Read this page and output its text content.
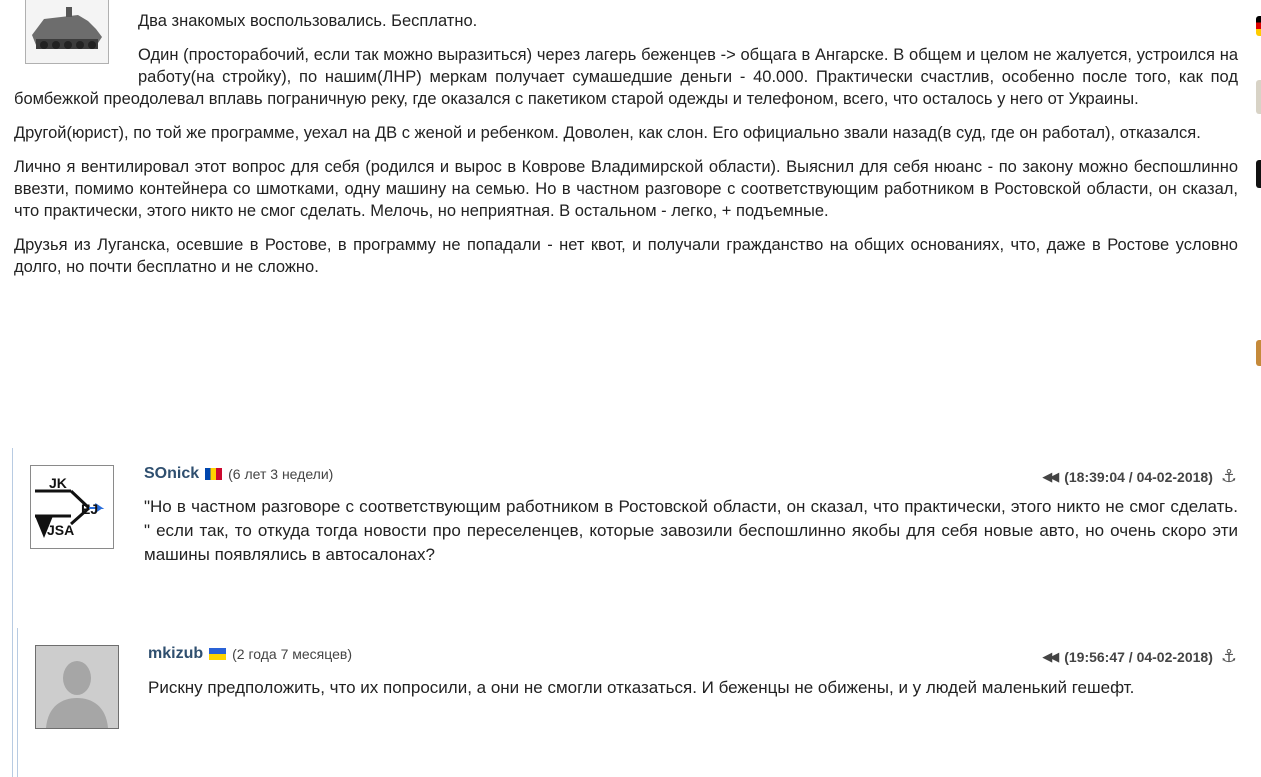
Два знакомых воспользовались. Бесплатно.

Один (просторабочий, если так можно выразиться) через лагерь беженцев -> общага в Ангарске. В общем и целом не жалуется, устроился на работу(на стройку), по нашим(ЛНР) меркам получает сумашедшие деньги - 40.000. Практически счастлив, особенно после того, как под бомбежкой преодолевал вплавь пограничную реку, где оказался с пакетиком старой одежды и телефоном, всего, что осталось у него от Украины.

Другой(юрист), по той же программе, уехал на ДВ с женой и ребенком. Доволен, как слон. Его официально звали назад(в суд, где он работал), отказался.

Лично я вентилировал этот вопрос для себя (родился и вырос в Коврове Владимирской области). Выяснил для себя нюанс - по закону можно беспошлинно ввезти, помимо контейнера со шмотками, одну машину на семью. Но в частном разговоре с соответствующим работником в Ростовской области, он сказал, что практически, этого никто не смог сделать. Мелочь, но неприятная. В остальном - легко, + подъемные.

Друзья из Луганска, осевшие в Ростове, в программу не попадали - нет квот, и получали гражданство на общих основаниях, что, даже в Ростове условно долго, но почти бесплатно и не сложно.

JK
EJ
JSA
SOnick (6 лет 3 недели)	◀◀ (18:39:04 / 04-02-2018) ⚓
"Но в частном разговоре с соответствующим работником в Ростовской области, он сказал, что практически, этого никто не смог сделать. " если так, то откуда тогда новости про переселенцев, которые завозили беспошлинно якобы для себя новые авто, но очень скоро эти машины появлялись в автосалонах?
mkizub (2 года 7 месяцев)	◀◀ (19:56:47 / 04-02-2018) ⚓
Рискну предположить, что их попросили, а они не смогли отказаться. И беженцы не обижены, и у людей маленький гешефт.
